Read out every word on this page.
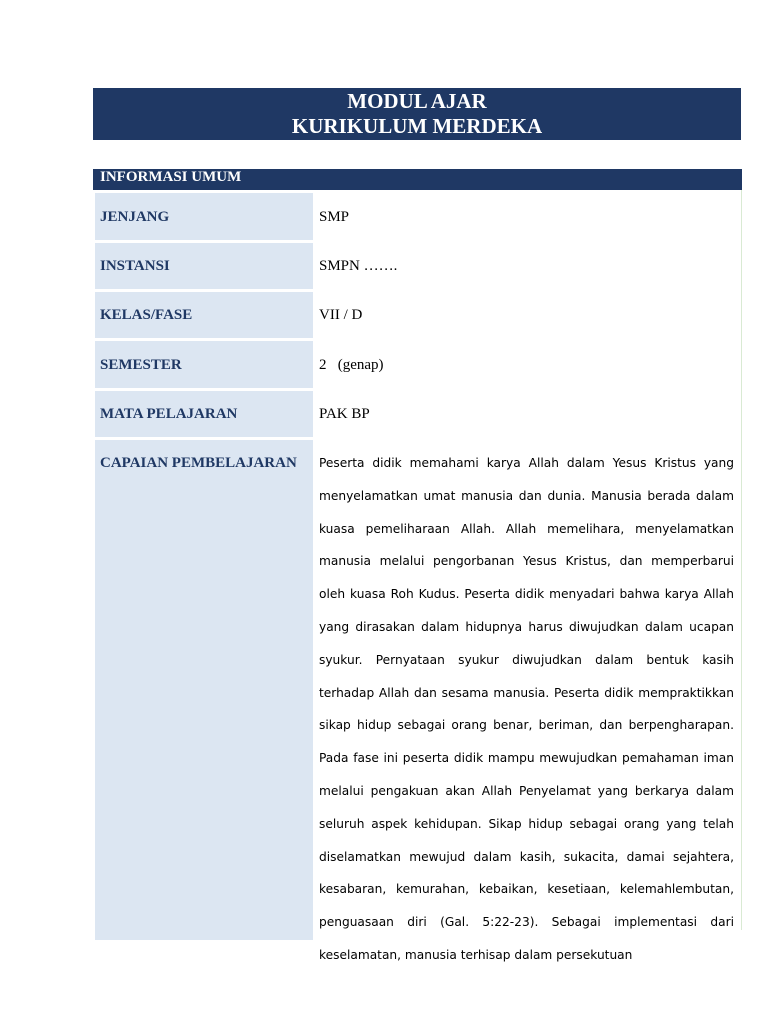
MODUL AJAR
KURIKULUM MERDEKA
INFORMASI UMUM
JENJANG	SMP
INSTANSI	SMPN …….
KELAS/FASE	VII / D
SEMESTER	2   (genap)
MATA PELAJARAN	PAK BP
CAPAIAN PEMBELAJARAN Peserta didik memahami karya Allah dalam Yesus Kristus yang menyelamatkan umat manusia dan dunia. Manusia berada dalam kuasa pemeliharaan Allah. Allah memelihara, menyelamatkan manusia melalui pengorbanan Yesus Kristus, dan memperbarui oleh kuasa Roh Kudus. Peserta didik menyadari bahwa karya Allah yang dirasakan dalam hidupnya harus diwujudkan dalam ucapan syukur. Pernyataan syukur diwujudkan dalam bentuk kasih terhadap Allah dan sesama manusia. Peserta didik mempraktikkan sikap hidup sebagai orang benar, beriman, dan berpengharapan. Pada fase ini peserta didik mampu mewujudkan pemahaman iman melalui pengakuan akan Allah Penyelamat yang berkarya dalam seluruh aspek kehidupan. Sikap hidup sebagai orang yang telah diselamatkan mewujud dalam kasih, sukacita, damai sejahtera, kesabaran, kemurahan, kebaikan, kesetiaan, kelemahlembutan, penguasaan diri (Gal. 5:22-23). Sebagai implementasi dari keselamatan, manusia terhisap dalam persekutuan
